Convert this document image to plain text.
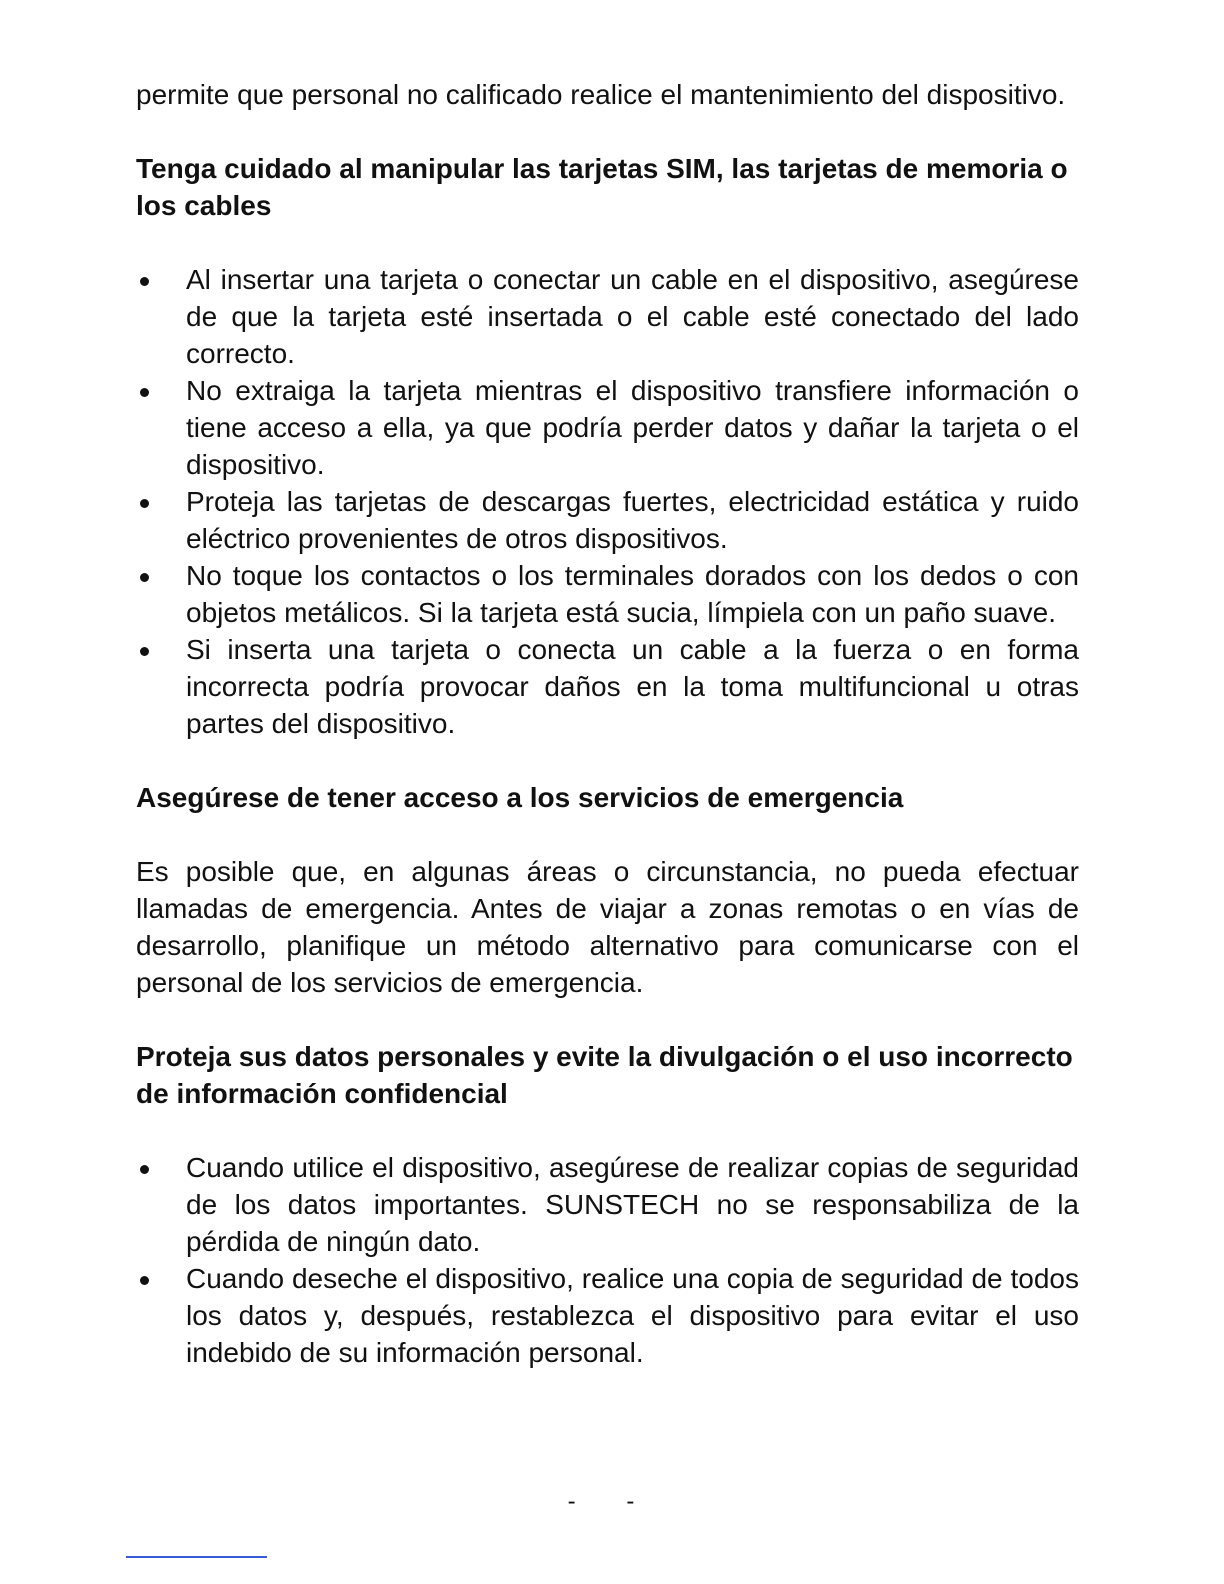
permite que personal no calificado realice el mantenimiento del dispositivo.

Tenga cuidado al manipular las tarjetas SIM, las tarjetas de memoria o los cables
Al insertar una tarjeta o conectar un cable en el dispositivo, asegúrese de que la tarjeta esté insertada o el cable esté conectado del lado correcto.
No extraiga la tarjeta mientras el dispositivo transfiere información o tiene acceso a ella, ya que podría perder datos y dañar la tarjeta o el dispositivo.
Proteja las tarjetas de descargas fuertes, electricidad estática y ruido eléctrico provenientes de otros dispositivos.
No toque los contactos o los terminales dorados con los dedos o con objetos metálicos. Si la tarjeta está sucia, límpiela con un paño suave.
Si inserta una tarjeta o conecta un cable a la fuerza o en forma incorrecta podría provocar daños en la toma multifuncional u otras partes del dispositivo.
Asegúrese de tener acceso a los servicios de emergencia

Es posible que, en algunas áreas o circunstancia, no pueda efectuar llamadas de emergencia. Antes de viajar a zonas remotas o en vías de desarrollo, planifique un método alternativo para comunicarse con el personal de los servicios de emergencia.

Proteja sus datos personales y evite la divulgación o el uso incorrecto de información confidencial
Cuando utilice el dispositivo, asegúrese de realizar copias de seguridad de los datos importantes. SUNSTECH no se responsabiliza de la pérdida de ningún dato.
Cuando deseche el dispositivo, realice una copia de seguridad de todos los datos y, después, restablezca el dispositivo para evitar el uso indebido de su información personal.
- -
